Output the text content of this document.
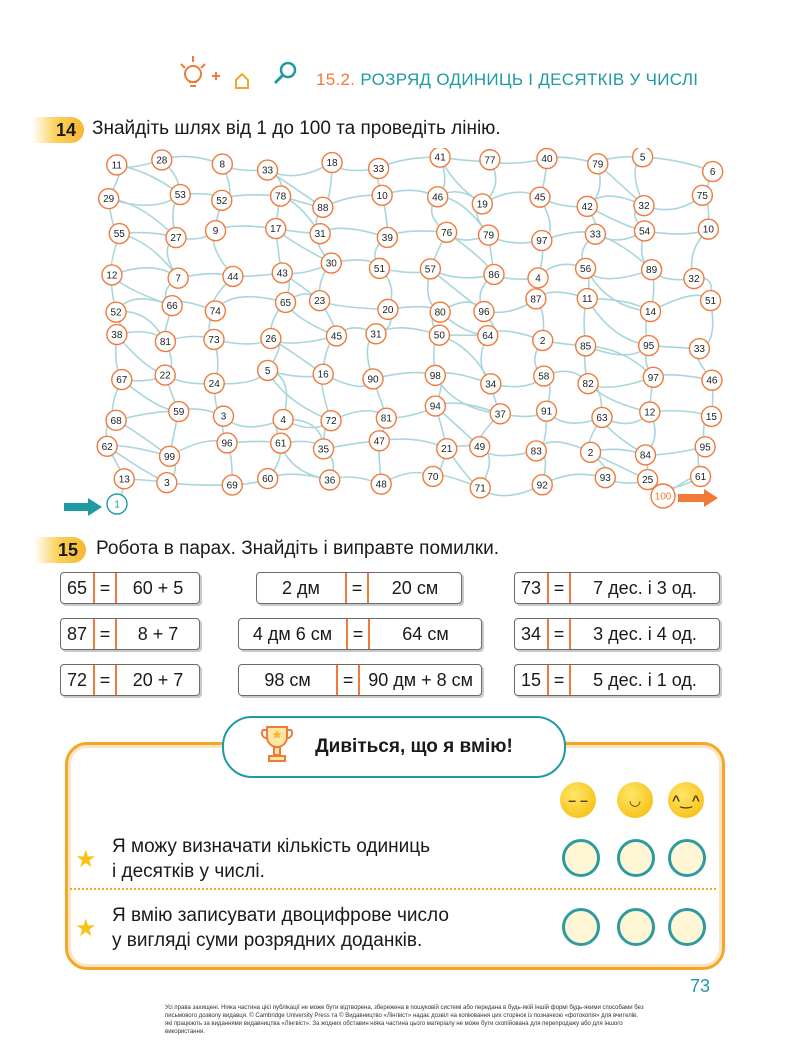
15.2. РОЗРЯД ОДИНИЦЬ І ДЕСЯТКІВ У ЧИСЛІ
14 Знайдіть шлях від 1 до 100 та проведіть лінію.
11	28	8
33
18
33
41	77	40	79
5
6
29	53
52	78
88
10	46
19
45
42	32
75
55	27
9	17	31	39	76	79	97
33	54	10
12	7	44	43
30	51	57	86	4
56	89
32
52
66	74
65 23
20	80	96
87	11
14
51
38
81	73	26	45	31	50	64	2	85	95	33
67	22
24
5	16	90	98
34
58
82
97	46
68
59	3	4	72	81
94
37	91
63	12	15
62
99
96	61
35
47
21 49	83	2	84
95
13	3	69
60	36	48
70
71	92
93	25	61
1
100
15 Робота в парах. Знайдіть і виправте помилки.
65 =	60 + 5	2 дм	=	20 см	73 =	7 дес. і 3 од.
87 =	8 + 7	4 дм 6 см	=	64 см	34 =	3 дес. і 4 од.
72 =	20 + 7	98 см	= 90 дм + 8 см	15 =	5 дес. і 1 од.
Дивіться, що я вмію!
– –	◡	^‿^
★ Я можу визначати кількість одиниць
і десятків у числі.
★ Я вмію записувати двоцифрове число
у вигляді суми розрядних доданків.
73
Усі права захищені. Ніяка частина цієї публікації не може бути відтворена, збережена в пошуковій системі або передана в будь-якій іншій формі будь-якими способами без письмового дозволу видавця. © Cambridge University Press та © Видавництво «Лінгвіст» надає дозвіл на копіювання цих сторінок із позначкою «фотокопія» для вчителів, які працюють за виданнями видавництва «Лінгвіст». За жодних обставин ніяка частина цього матеріалу не може бути скопійована для перепродажу або для іншого використання.
